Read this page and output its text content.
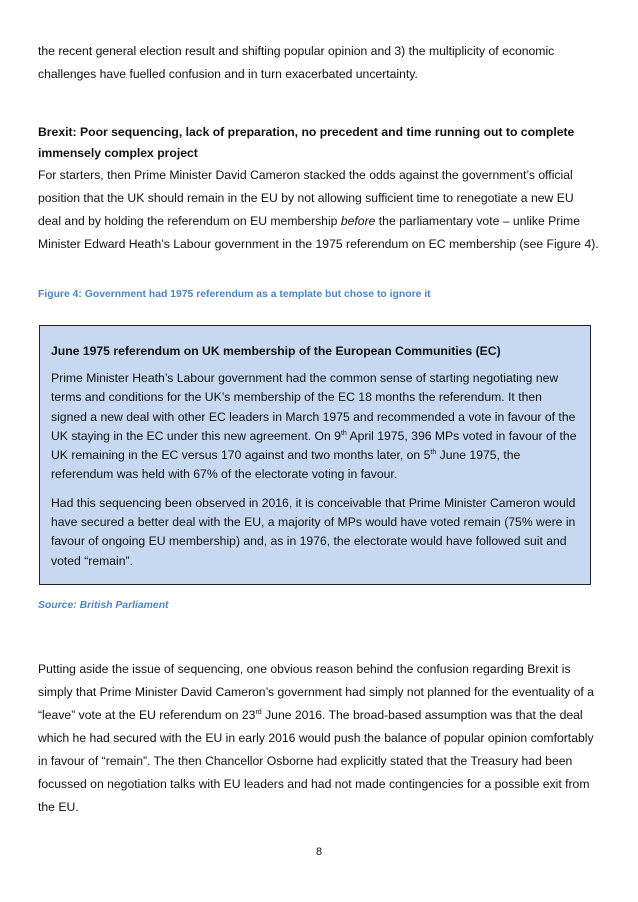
the recent general election result and shifting popular opinion and 3) the multiplicity of economic challenges have fuelled confusion and in turn exacerbated uncertainty.

Brexit: Poor sequencing, lack of preparation, no precedent and time running out to complete immensely complex project

For starters, then Prime Minister David Cameron stacked the odds against the government’s official position that the UK should remain in the EU by not allowing sufficient time to renegotiate a new EU deal and by holding the referendum on EU membership before the parliamentary vote – unlike Prime Minister Edward Heath’s Labour government in the 1975 referendum on EC membership (see Figure 4).

Figure 4: Government had 1975 referendum as a template but chose to ignore it

June 1975 referendum on UK membership of the European Communities (EC)

Prime Minister Heath’s Labour government had the common sense of starting negotiating new terms and conditions for the UK’s membership of the EC 18 months the referendum. It then signed a new deal with other EC leaders in March 1975 and recommended a vote in favour of the UK staying in the EC under this new agreement. On 9th April 1975, 396 MPs voted in favour of the UK remaining in the EC versus 170 against and two months later, on 5th June 1975, the referendum was held with 67% of the electorate voting in favour.

Had this sequencing been observed in 2016, it is conceivable that Prime Minister Cameron would have secured a better deal with the EU, a majority of MPs would have voted remain (75% were in favour of ongoing EU membership) and, as in 1976, the electorate would have followed suit and voted “remain”.

Source: British Parliament

Putting aside the issue of sequencing, one obvious reason behind the confusion regarding Brexit is simply that Prime Minister David Cameron’s government had simply not planned for the eventuality of a “leave” vote at the EU referendum on 23rd June 2016. The broad-based assumption was that the deal which he had secured with the EU in early 2016 would push the balance of popular opinion comfortably in favour of “remain”. The then Chancellor Osborne had explicitly stated that the Treasury had been focussed on negotiation talks with EU leaders and had not made contingencies for a possible exit from the EU.

8
